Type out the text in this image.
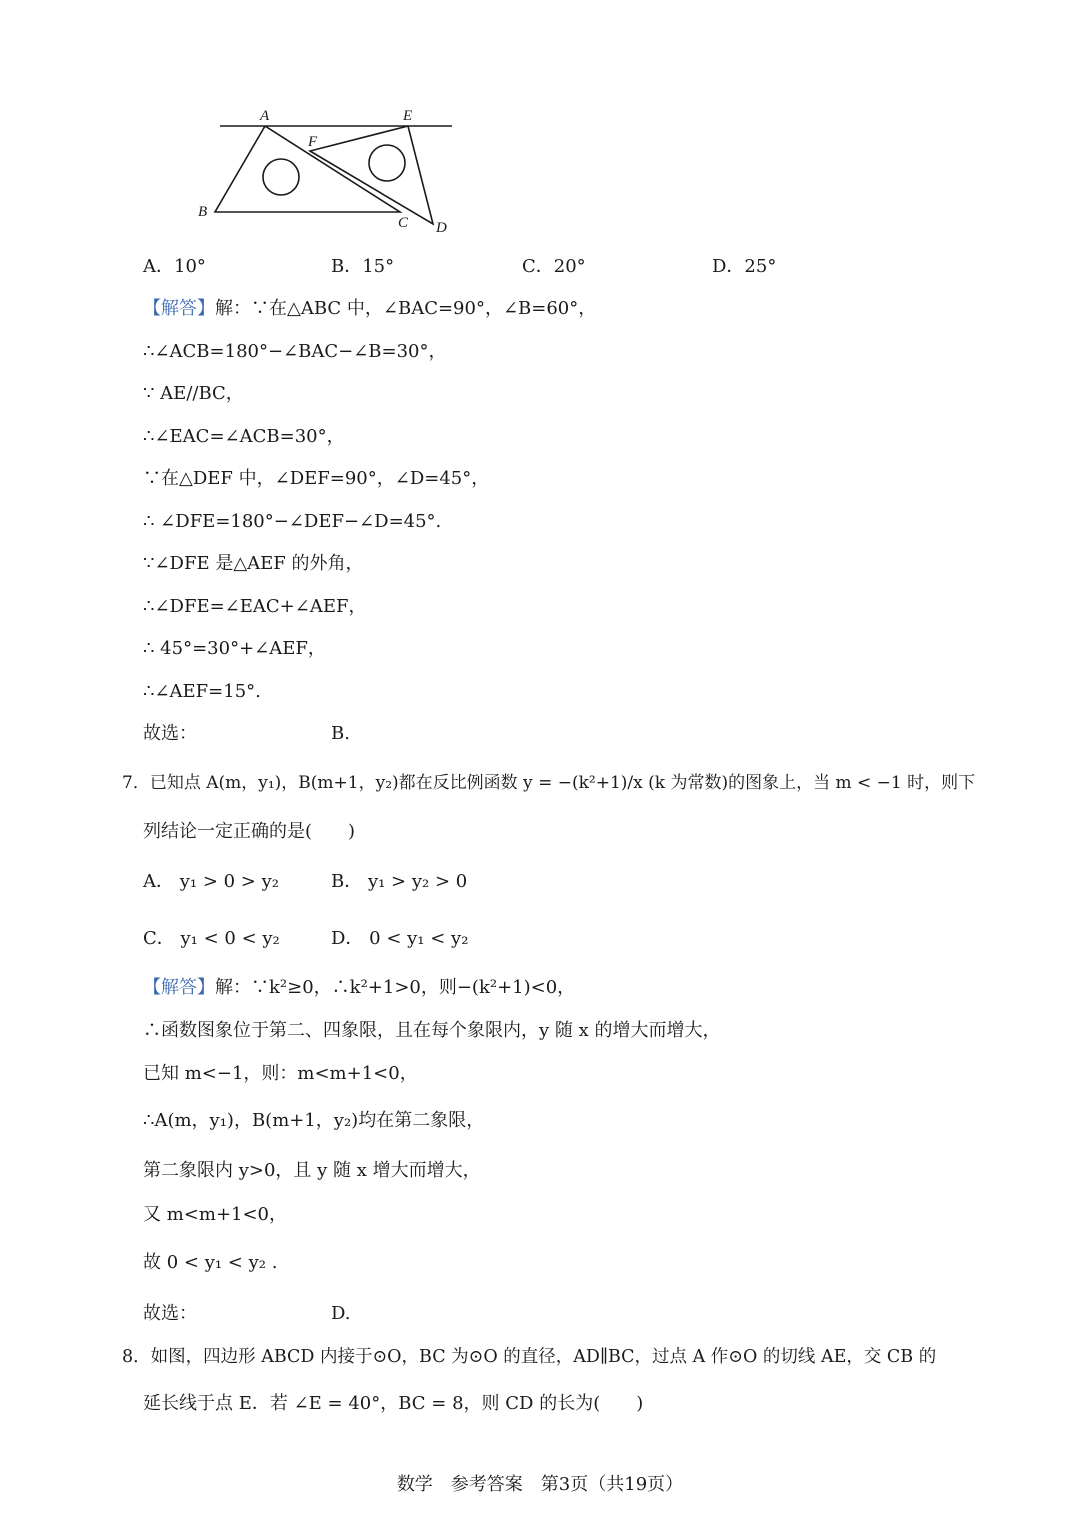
A	E
F
B
C D
A．10°	B．15°	C．20°	D．25°
【解答】解：∵在△ABC 中，∠BAC=90°，∠B=60°，
∴∠ACB=180°−∠BAC−∠B=30°，
∵ AE//BC，
∴∠EAC=∠ACB=30°，
∵在△DEF 中，∠DEF=90°，∠D=45°，
∴ ∠DFE=180°−∠DEF−∠D=45°.
∵∠DFE 是△AEF 的外角，
∴∠DFE=∠EAC+∠AEF，
∴ 45°=30°+∠AEF，
∴∠AEF=15°.
故选：	B.
7．已知点 A(m，y₁)，B(m+1，y₂)都在反比例函数 y = −(k²+1)/x (k 为常数)的图象上，当 m < −1 时，则下
列结论一定正确的是(　　)
A． y₁ > 0 > y₂	B． y₁ > y₂ > 0
C． y₁ < 0 < y₂	D． 0 < y₁ < y₂
【解答】解：∵k²≥0，∴k²+1>0，则−(k²+1)<0，
∴函数图象位于第二、四象限，且在每个象限内，y 随 x 的增大而增大，
已知 m<−1，则：m<m+1<0，
∴A(m，y₁)，B(m+1，y₂)均在第二象限，
第二象限内 y>0，且 y 随 x 增大而增大，
又 m<m+1<0，
故 0 < y₁ < y₂ .
故选：	D.
8．如图，四边形 ABCD 内接于⊙O，BC 为⊙O 的直径，AD∥BC，过点 A 作⊙O 的切线 AE，交 CB 的
延长线于点 E．若 ∠E = 40°，BC = 8，则 CD 的长为(　　)
数学　参考答案　第3页（共19页）
